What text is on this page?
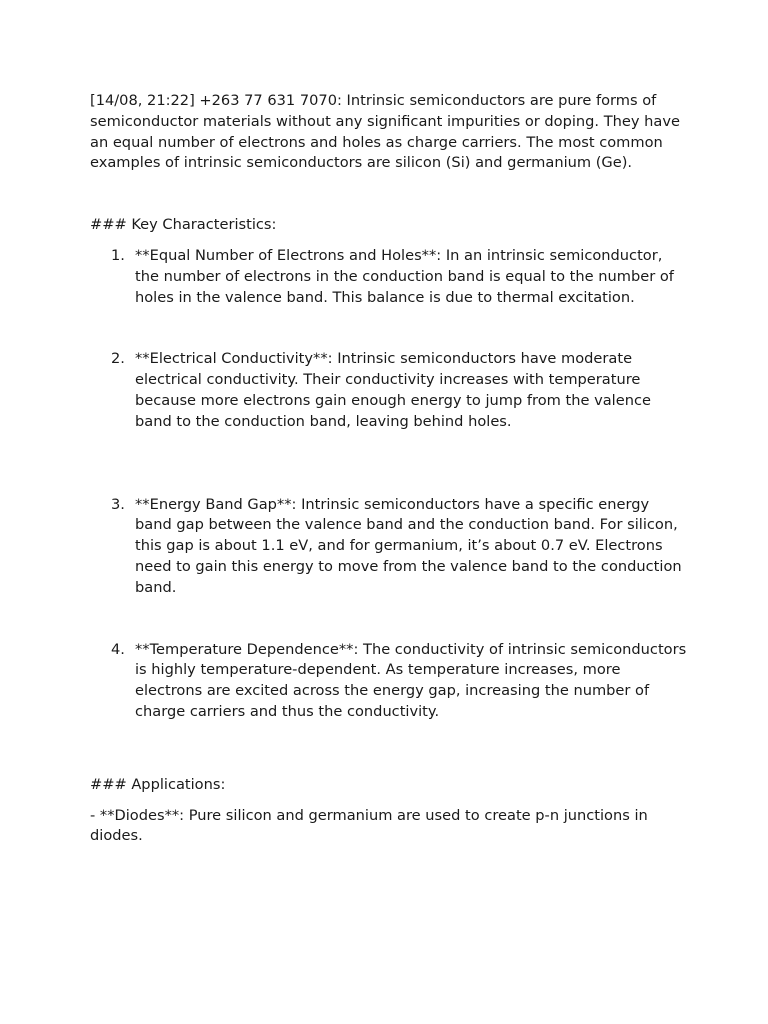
[14/08, 21:22] +263 77 631 7070: Intrinsic semiconductors are pure forms of semiconductor materials without any significant impurities or doping. They have an equal number of electrons and holes as charge carriers. The most common examples of intrinsic semiconductors are silicon (Si) and germanium (Ge).

### Key Characteristics:

1. **Equal Number of Electrons and Holes**: In an intrinsic semiconductor, the number of electrons in the conduction band is equal to the number of holes in the valence band. This balance is due to thermal excitation.
2. **Electrical Conductivity**: Intrinsic semiconductors have moderate electrical conductivity. Their conductivity increases with temperature because more electrons gain enough energy to jump from the valence band to the conduction band, leaving behind holes.
3. **Energy Band Gap**: Intrinsic semiconductors have a specific energy band gap between the valence band and the conduction band. For silicon, this gap is about 1.1 eV, and for germanium, it’s about 0.7 eV. Electrons need to gain this energy to move from the valence band to the conduction band.
4. **Temperature Dependence**: The conductivity of intrinsic semiconductors is highly temperature-dependent. As temperature increases, more electrons are excited across the energy gap, increasing the number of charge carriers and thus the conductivity.

### Applications:

- **Diodes**: Pure silicon and germanium are used to create p-n junctions in diodes.
